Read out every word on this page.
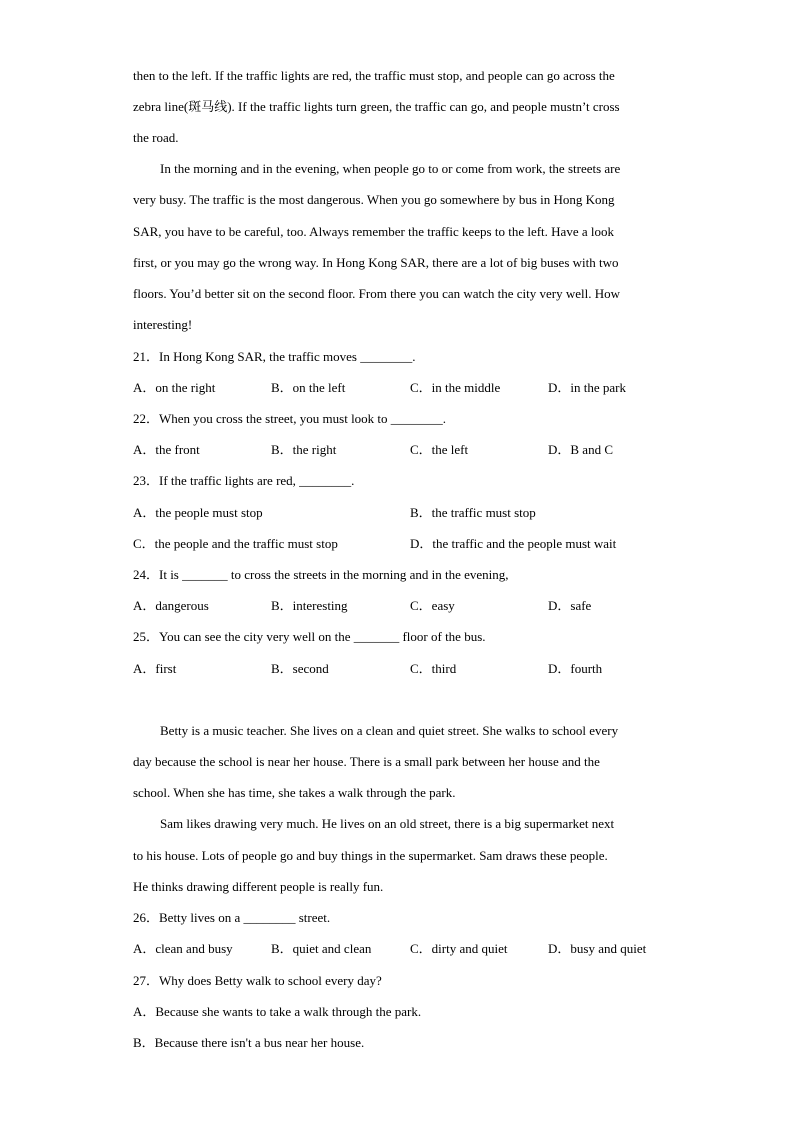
then to the left. If the traffic lights are red, the traffic must stop, and people can go across the
zebra line(斑马线). If the traffic lights turn green, the traffic can go, and people mustn’t cross
the road.
In the morning and in the evening, when people go to or come from work, the streets are
very busy. The traffic is the most dangerous. When you go somewhere by bus in Hong Kong
SAR, you have to be careful, too. Always remember the traffic keeps to the left. Have a look
first, or you may go the wrong way. In Hong Kong SAR, there are a lot of big buses with two
floors. You’d better sit on the second floor. From there you can watch the city very well. How
interesting!
21．In Hong Kong SAR, the traffic moves ________.
A．on the right	B．on the left	C．in the middle	D．in the park
22．When you cross the street, you must look to ________.
A．the front	B．the right	C．the left	D．B and C
23．If the traffic lights are red, ________.
A．the people must stop	B．the traffic must stop
C．the people and the traffic must stop	D．the traffic and the people must wait
24．It is _______ to cross the streets in the morning and in the evening,
A．dangerous	B．interesting	C．easy	D．safe
25．You can see the city very well on the _______ floor of the bus.
A．first	B．second	C．third	D．fourth
Betty is a music teacher. She lives on a clean and quiet street. She walks to school every
day because the school is near her house. There is a small park between her house and the
school. When she has time, she takes a walk through the park.
Sam likes drawing very much. He lives on an old street, there is a big supermarket next
to his house. Lots of people go and buy things in the supermarket. Sam draws these people.
He thinks drawing different people is really fun.
26．Betty lives on a ________ street.
A．clean and busy	B．quiet and clean	C．dirty and quiet	D．busy and quiet
27．Why does Betty walk to school every day?
A．Because she wants to take a walk through the park.
B．Because there isn't a bus near her house.
